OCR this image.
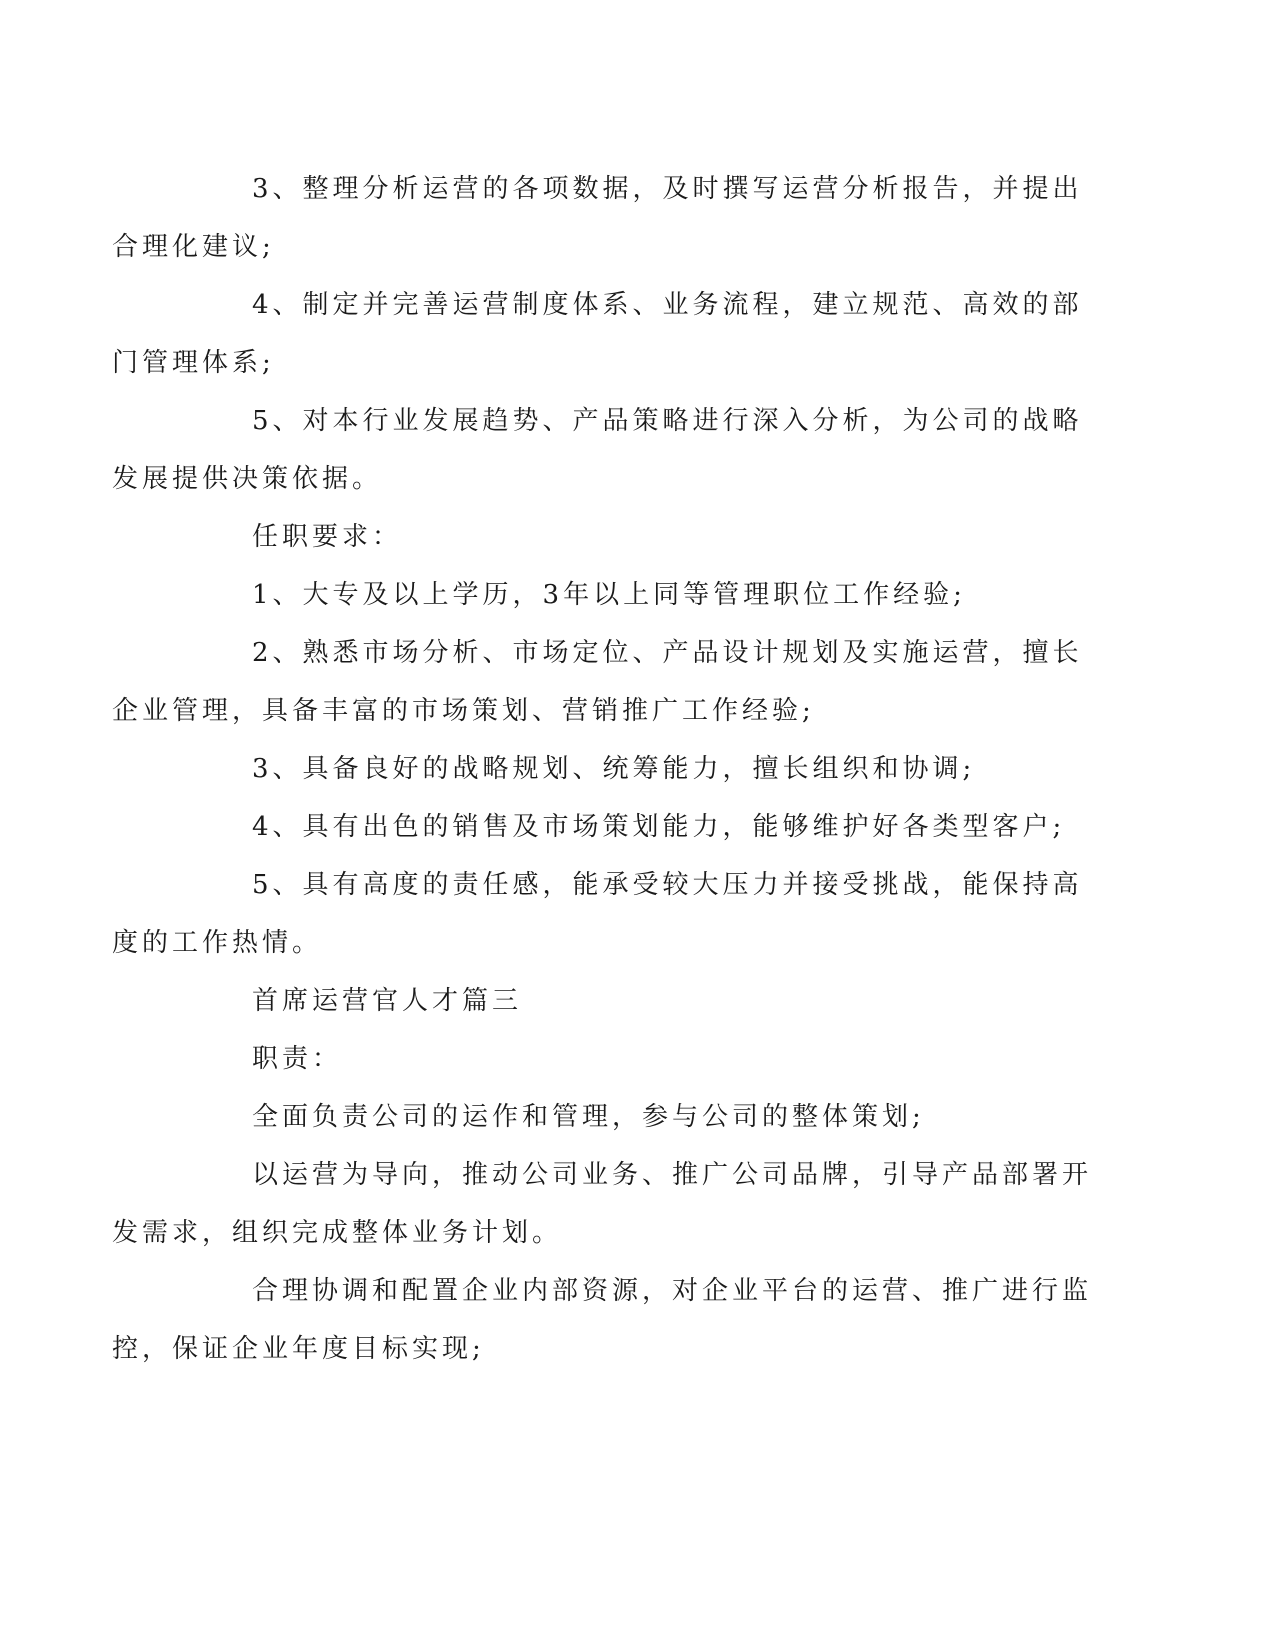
3、整理分析运营的各项数据，及时撰写运营分析报告，并提出
合理化建议;

4、制定并完善运营制度体系、业务流程，建立规范、高效的部
门管理体系;

5、对本行业发展趋势、产品策略进行深入分析，为公司的战略
发展提供决策依据。

任职要求：

1、大专及以上学历，3年以上同等管理职位工作经验;

2、熟悉市场分析、市场定位、产品设计规划及实施运营，擅长
企业管理，具备丰富的市场策划、营销推广工作经验;

3、具备良好的战略规划、统筹能力，擅长组织和协调;

4、具有出色的销售及市场策划能力，能够维护好各类型客户;

5、具有高度的责任感，能承受较大压力并接受挑战，能保持高
度的工作热情。

首席运营官人才篇三

职责：

全面负责公司的运作和管理，参与公司的整体策划;

以运营为导向，推动公司业务、推广公司品牌，引导产品部署开
发需求，组织完成整体业务计划。

合理协调和配置企业内部资源，对企业平台的运营、推广进行监
控，保证企业年度目标实现;
